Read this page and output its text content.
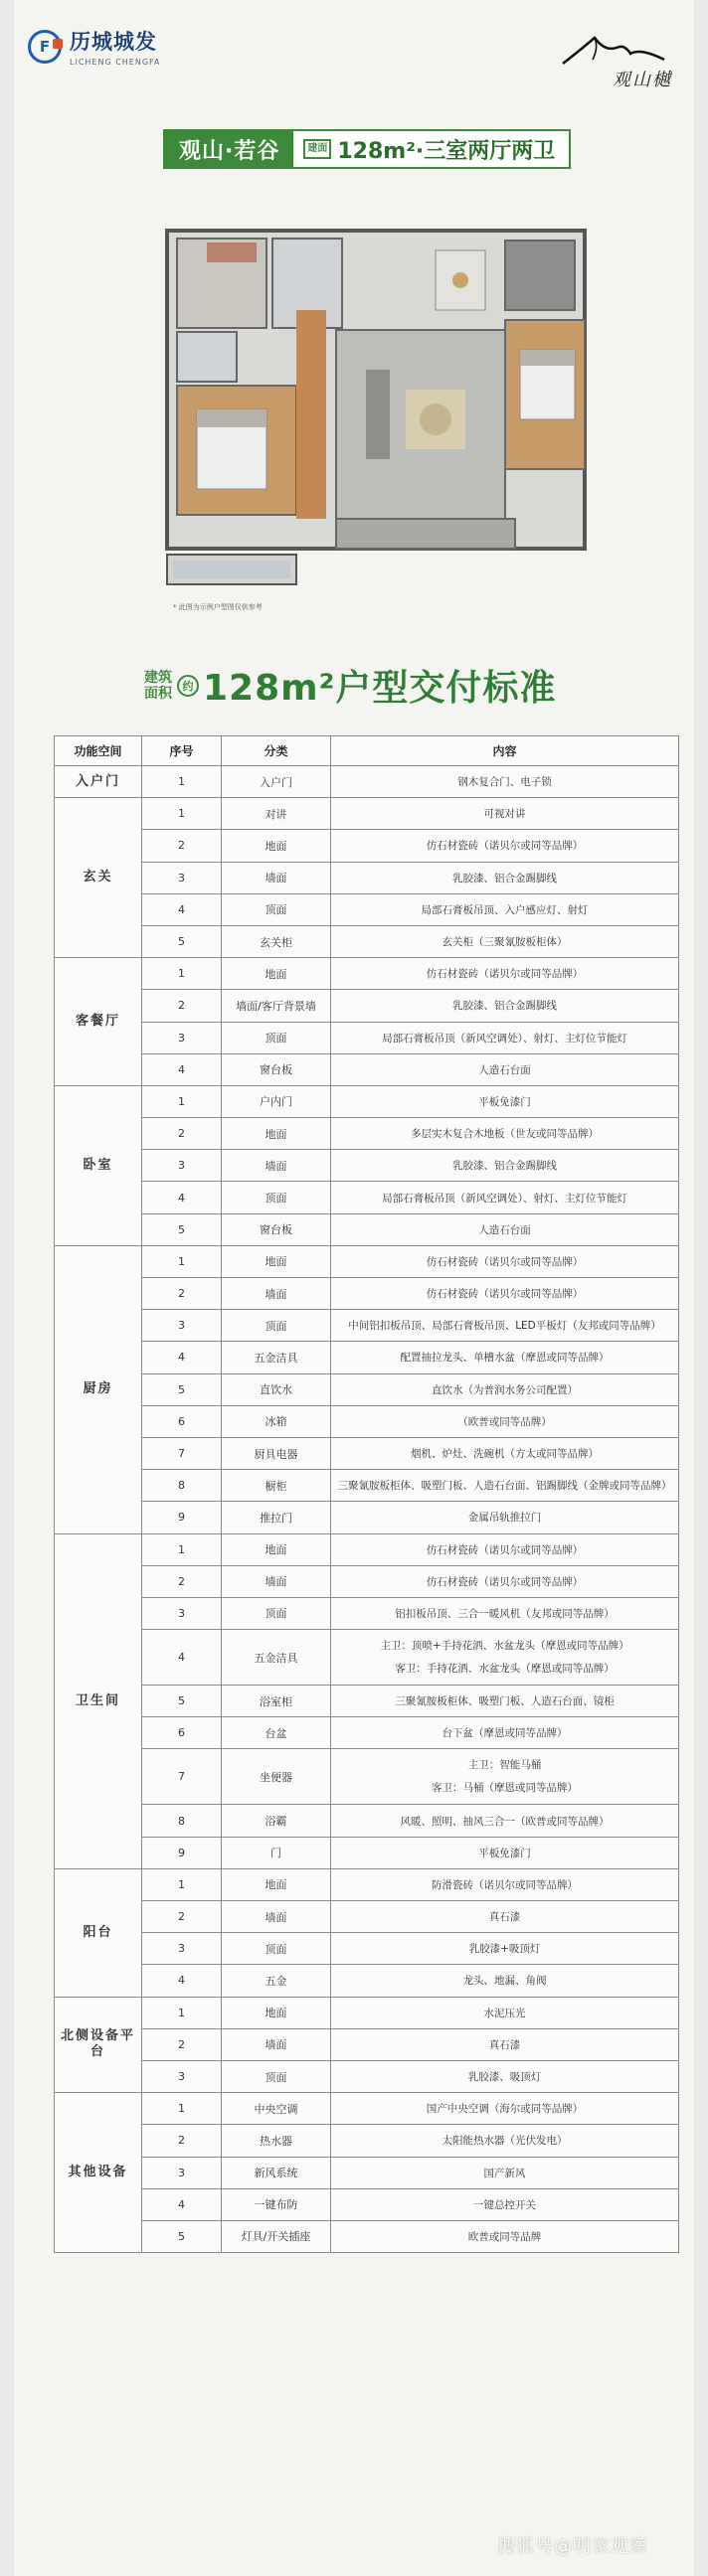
F 历城城发
LICHENG CHENGFA
观山樾
观山·若谷	建面 128m²·三室两厅两卫
* 此图为示例户型图仅供参考
建筑面积 约 128m²户型交付标准
功能空间	序号	分类	内容
入户门	1	入户门	钢木复合门、电子锁
玄关	1	对讲	可视对讲
	2	地面	仿石材瓷砖（诺贝尔或同等品牌）
	3	墙面	乳胶漆、铝合金踢脚线
	4	顶面	局部石膏板吊顶、入户感应灯、射灯
	5	玄关柜	玄关柜（三聚氰胺板柜体）
客餐厅	1	地面	仿石材瓷砖（诺贝尔或同等品牌）
	2	墙面/客厅背景墙	乳胶漆、铝合金踢脚线
	3	顶面	局部石膏板吊顶（新风空调处）、射灯、主灯位节能灯
	4	窗台板	人造石台面
卧室	1	户内门	平板免漆门
	2	地面	多层实木复合木地板（世友或同等品牌）
	3	墙面	乳胶漆、铝合金踢脚线
	4	顶面	局部石膏板吊顶（新风空调处）、射灯、主灯位节能灯
	5	窗台板	人造石台面
厨房	1	地面	仿石材瓷砖（诺贝尔或同等品牌）
	2	墙面	仿石材瓷砖（诺贝尔或同等品牌）
	3	顶面	中间铝扣板吊顶、局部石膏板吊顶、LED平板灯（友邦或同等品牌）
	4	五金洁具	配置抽拉龙头、单槽水盆（摩恩或同等品牌）
	5	直饮水	直饮水（为普润水务公司配置）
	6	冰箱	（欧普或同等品牌）
	7	厨具电器	烟机、炉灶、洗碗机（方太或同等品牌）
	8	橱柜	三聚氰胺板柜体、吸塑门板、人造石台面、铝踢脚线（金牌或同等品牌）
	9	推拉门	金属吊轨推拉门
卫生间	1	地面	仿石材瓷砖（诺贝尔或同等品牌）
	2	墙面	仿石材瓷砖（诺贝尔或同等品牌）
	3	顶面	铝扣板吊顶、三合一暖风机（友邦或同等品牌）
	4	五金洁具	主卫：顶喷+手持花洒、水盆龙头（摩恩或同等品牌）
客卫：手持花洒、水盆龙头（摩恩或同等品牌）

	5	浴室柜	三聚氰胺板柜体、吸塑门板、人造石台面、镜柜
	6	台盆	台下盆（摩恩或同等品牌）
	7	坐便器	主卫：智能马桶
客卫：马桶（摩恩或同等品牌）

	8	浴霸	风暖、照明、抽风三合一（欧普或同等品牌）
	9	门	平板免漆门
阳台	1	地面	防滑瓷砖（诺贝尔或同等品牌）
	2	墙面	真石漆
	3	顶面	乳胶漆+吸顶灯
	4	五金	龙头、地漏、角阀
北侧设备平台	1	地面	水泥压光
	2	墙面	真石漆
	3	顶面	乳胶漆、吸顶灯
其他设备	1	中央空调	国产中央空调（海尔或同等品牌）
	2	热水器	太阳能热水器（光伏发电）
	3	新风系统	国产新风
	4	一键布防	一键总控开关
	5	灯具/开关插座	欧普或同等品牌
搜狐号@明家观察
